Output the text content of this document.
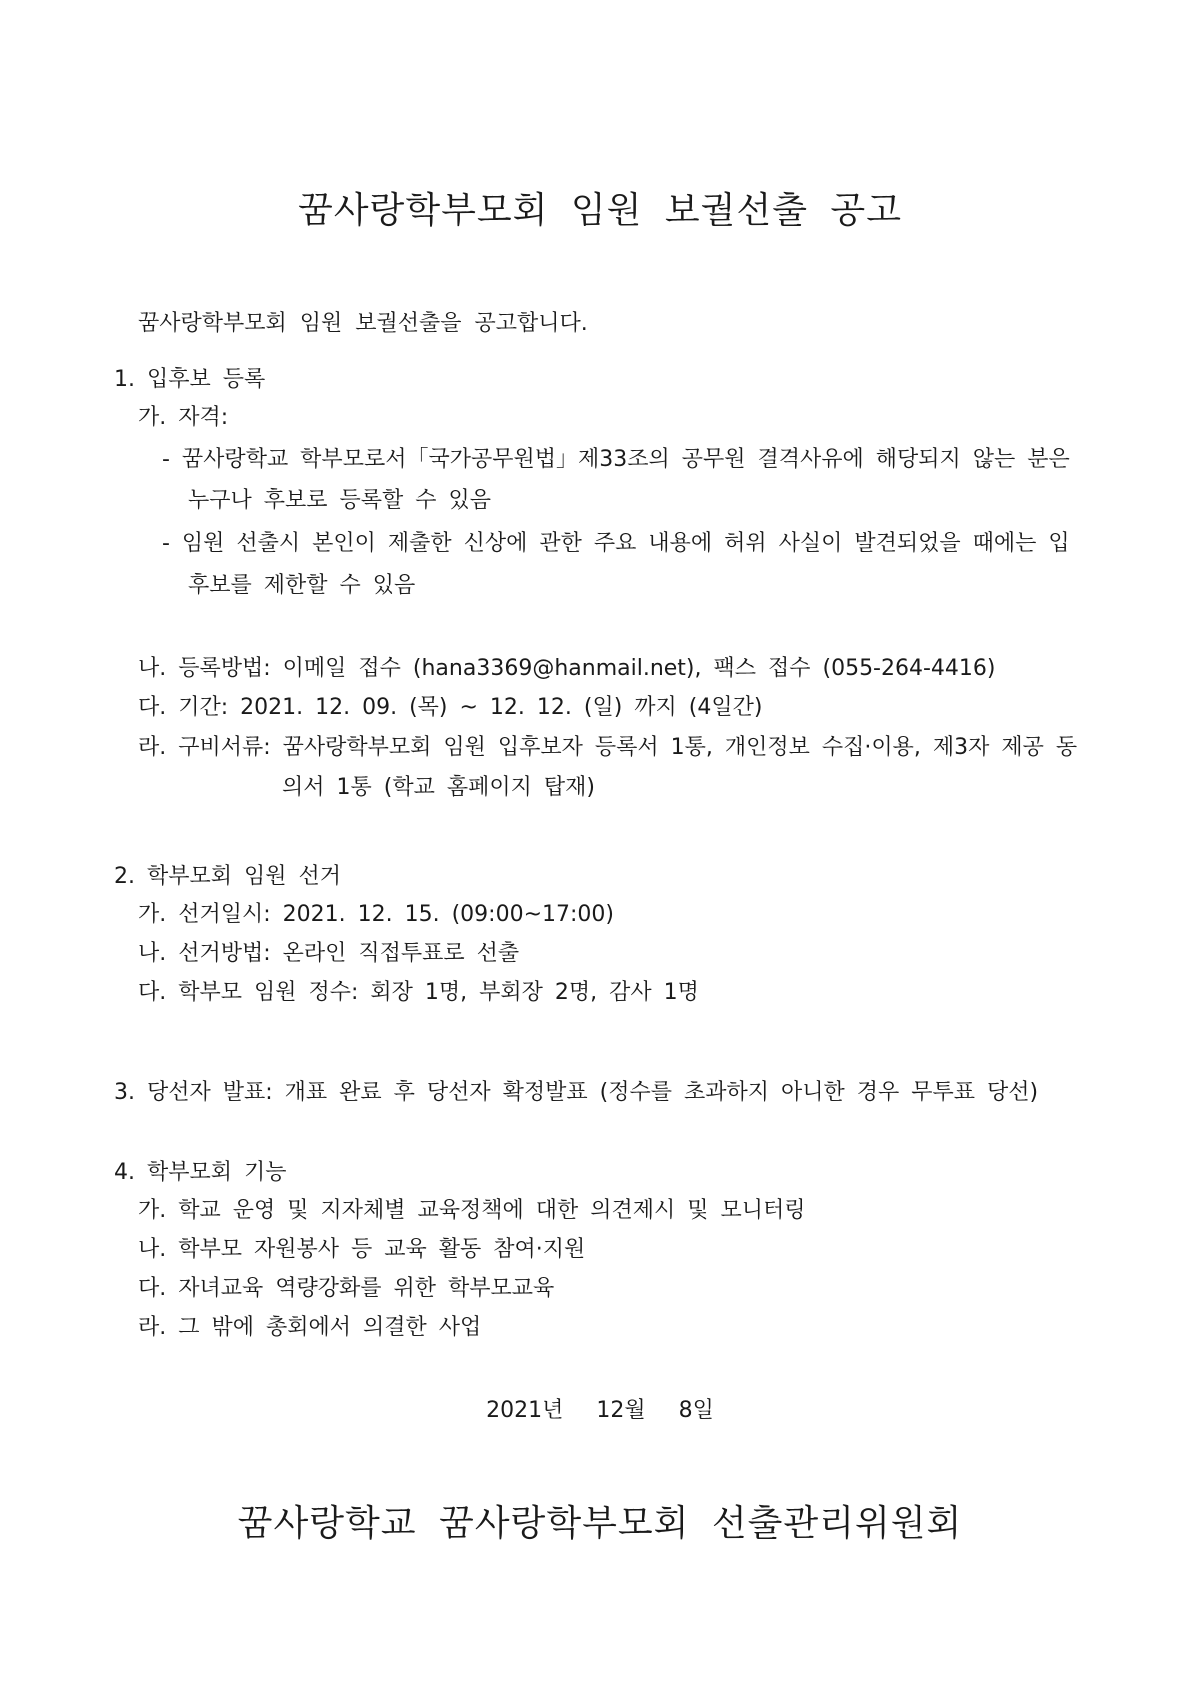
꿈사랑학부모회 임원 보궐선출 공고
꿈사랑학부모회 임원 보궐선출을 공고합니다.
1. 입후보 등록
가. 자격:
- 꿈사랑학교 학부모로서「국가공무원법」제33조의 공무원 결격사유에 해당되지 않는 분은
누구나 후보로 등록할 수 있음
- 임원 선출시 본인이 제출한 신상에 관한 주요 내용에 허위 사실이 발견되었을 때에는 입
후보를 제한할 수 있음
나. 등록방법: 이메일 접수 (hana3369@hanmail.net), 팩스 접수 (055-264-4416)
다. 기간: 2021. 12. 09. (목) ~ 12. 12. (일) 까지 (4일간)
라. 구비서류: 꿈사랑학부모회 임원 입후보자 등록서 1통, 개인정보 수집·이용, 제3자 제공 동
의서 1통 (학교 홈페이지 탑재)
2. 학부모회 임원 선거
가. 선거일시: 2021. 12. 15. (09:00~17:00)
나. 선거방법: 온라인 직접투표로 선출
다. 학부모 임원 정수: 회장 1명, 부회장 2명, 감사 1명
3. 당선자 발표: 개표 완료 후 당선자 확정발표 (정수를 초과하지 아니한 경우 무투표 당선)
4. 학부모회 기능
가. 학교 운영 및 지자체별 교육정책에 대한 의견제시 및 모니터링
나. 학부모 자원봉사 등 교육 활동 참여·지원
다. 자녀교육 역량강화를 위한 학부모교육
라. 그 밖에 총회에서 의결한 사업
2021년 12월 8일
꿈사랑학교 꿈사랑학부모회 선출관리위원회
